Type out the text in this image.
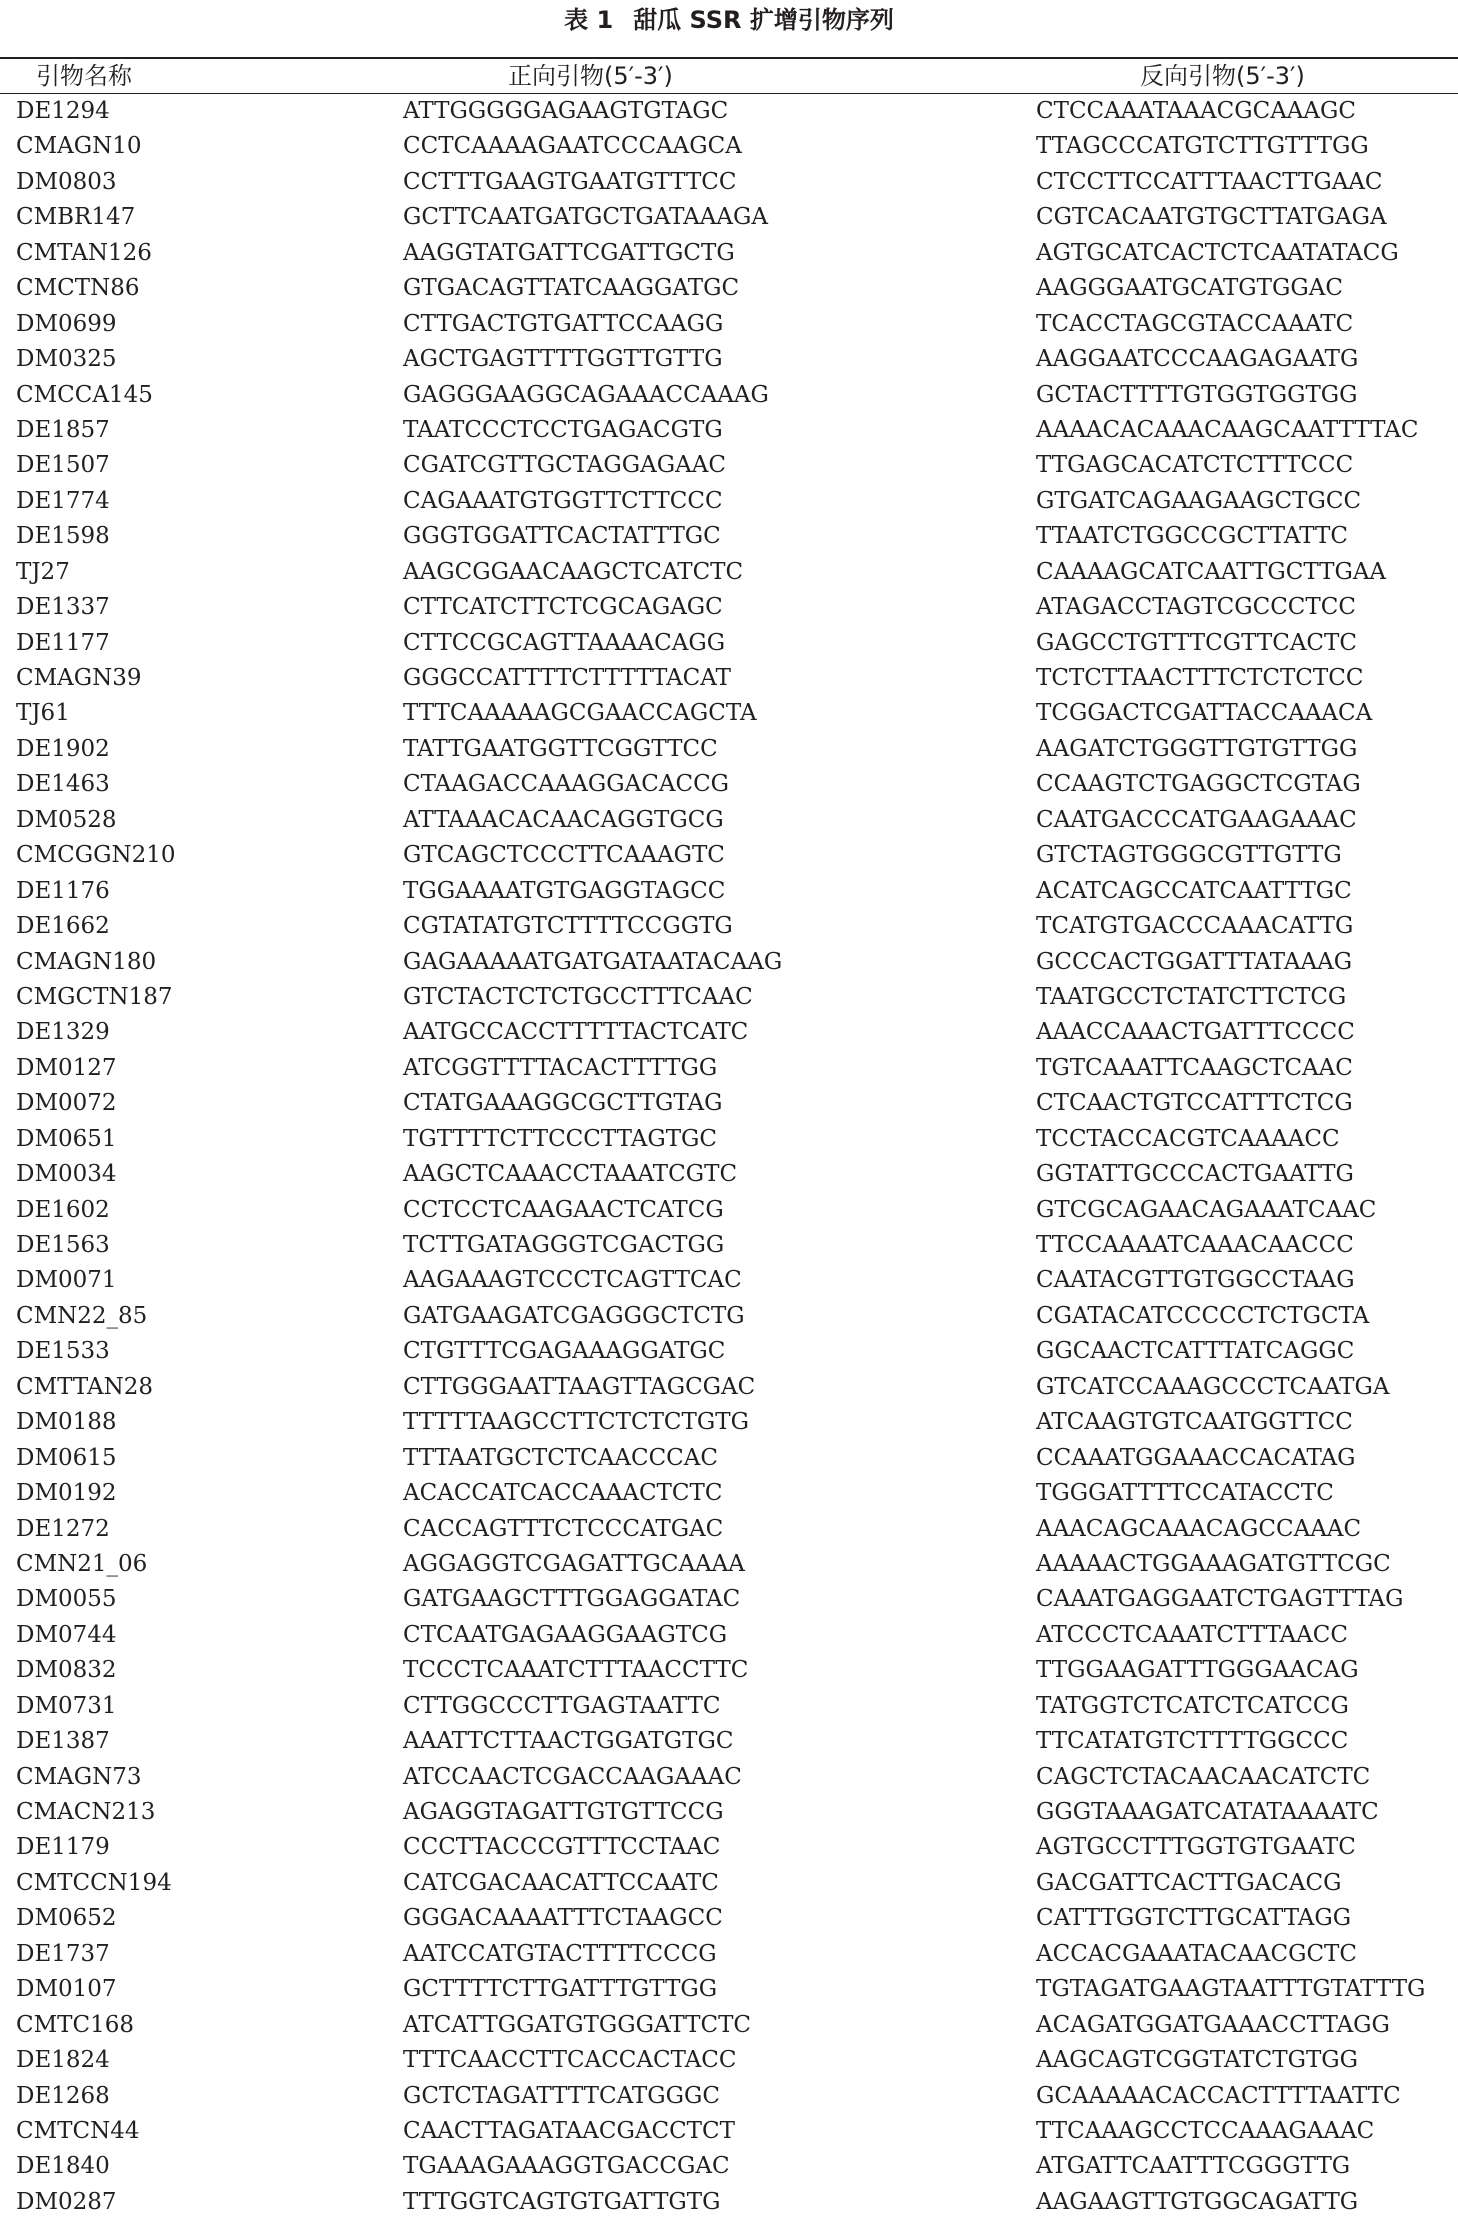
表 1 甜瓜 SSR 扩增引物序列
引物名称	正向引物(5′-3′)	反向引物(5′-3′)
DE1294	ATTGGGGGAGAAGTGTAGC	CTCCAAATAAACGCAAAGC
CMAGN10	CCTCAAAAGAATCCCAAGCA	TTAGCCCATGTCTTGTTTGG
DM0803	CCTTTGAAGTGAATGTTTCC	CTCCTTCCATTTAACTTGAAC
CMBR147	GCTTCAATGATGCTGATAAAGA	CGTCACAATGTGCTTATGAGA
CMTAN126	AAGGTATGATTCGATTGCTG	AGTGCATCACTCTCAATATACG
CMCTN86	GTGACAGTTATCAAGGATGC	AAGGGAATGCATGTGGAC
DM0699	CTTGACTGTGATTCCAAGG	TCACCTAGCGTACCAAATC
DM0325	AGCTGAGTTTTGGTTGTTG	AAGGAATCCCAAGAGAATG
CMCCA145	GAGGGAAGGCAGAAACCAAAG	GCTACTTTTGTGGTGGTGG
DE1857	TAATCCCTCCTGAGACGTG	AAAACACAAACAAGCAATTTTAC
DE1507	CGATCGTTGCTAGGAGAAC	TTGAGCACATCTCTTTCCC
DE1774	CAGAAATGTGGTTCTTCCC	GTGATCAGAAGAAGCTGCC
DE1598	GGGTGGATTCACTATTTGC	TTAATCTGGCCGCTTATTC
TJ27	AAGCGGAACAAGCTCATCTC	CAAAAGCATCAATTGCTTGAA
DE1337	CTTCATCTTCTCGCAGAGC	ATAGACCTAGTCGCCCTCC
DE1177	CTTCCGCAGTTAAAACAGG	GAGCCTGTTTCGTTCACTC
CMAGN39	GGGCCATTTTCTTTTTACAT	TCTCTTAACTTTCTCTCTCC
TJ61	TTTCAAAAAGCGAACCAGCTA	TCGGACTCGATTACCAAACA
DE1902	TATTGAATGGTTCGGTTCC	AAGATCTGGGTTGTGTTGG
DE1463	CTAAGACCAAAGGACACCG	CCAAGTCTGAGGCTCGTAG
DM0528	ATTAAACACAACAGGTGCG	CAATGACCCATGAAGAAAC
CMCGGN210	GTCAGCTCCCTTCAAAGTC	GTCTAGTGGGCGTTGTTG
DE1176	TGGAAAATGTGAGGTAGCC	ACATCAGCCATCAATTTGC
DE1662	CGTATATGTCTTTTCCGGTG	TCATGTGACCCAAACATTG
CMAGN180	GAGAAAAATGATGATAATACAAG	GCCCACTGGATTTATAAAG
CMGCTN187	GTCTACTCTCTGCCTTTCAAC	TAATGCCTCTATCTTCTCG
DE1329	AATGCCACCTTTTTACTCATC	AAACCAAACTGATTTCCCC
DM0127	ATCGGTTTTACACTTTTGG	TGTCAAATTCAAGCTCAAC
DM0072	CTATGAAAGGCGCTTGTAG	CTCAACTGTCCATTTCTCG
DM0651	TGTTTTCTTCCCTTAGTGC	TCCTACCACGTCAAAACC
DM0034	AAGCTCAAACCTAAATCGTC	GGTATTGCCCACTGAATTG
DE1602	CCTCCTCAAGAACTCATCG	GTCGCAGAACAGAAATCAAC
DE1563	TCTTGATAGGGTCGACTGG	TTCCAAAATCAAACAACCC
DM0071	AAGAAAGTCCCTCAGTTCAC	CAATACGTTGTGGCCTAAG
CMN22_85	GATGAAGATCGAGGGCTCTG	CGATACATCCCCCTCTGCTA
DE1533	CTGTTTCGAGAAAGGATGC	GGCAACTCATTTATCAGGC
CMTTAN28	CTTGGGAATTAAGTTAGCGAC	GTCATCCAAAGCCCTCAATGA
DM0188	TTTTTAAGCCTTCTCTCTGTG	ATCAAGTGTCAATGGTTCC
DM0615	TTTAATGCTCTCAACCCAC	CCAAATGGAAACCACATAG
DM0192	ACACCATCACCAAACTCTC	TGGGATTTTCCATACCTC
DE1272	CACCAGTTTCTCCCATGAC	AAACAGCAAACAGCCAAAC
CMN21_06	AGGAGGTCGAGATTGCAAAA	AAAAACTGGAAAGATGTTCGC
DM0055	GATGAAGCTTTGGAGGATAC	CAAATGAGGAATCTGAGTTTAG
DM0744	CTCAATGAGAAGGAAGTCG	ATCCCTCAAATCTTTAACC
DM0832	TCCCTCAAATCTTTAACCTTC	TTGGAAGATTTGGGAACAG
DM0731	CTTGGCCCTTGAGTAATTC	TATGGTCTCATCTCATCCG
DE1387	AAATTCTTAACTGGATGTGC	TTCATATGTCTTTTGGCCC
CMAGN73	ATCCAACTCGACCAAGAAAC	CAGCTCTACAACAACATCTC
CMACN213	AGAGGTAGATTGTGTTCCG	GGGTAAAGATCATATAAAATC
DE1179	CCCTTACCCGTTTCCTAAC	AGTGCCTTTGGTGTGAATC
CMTCCN194	CATCGACAACATTCCAATC	GACGATTCACTTGACACG
DM0652	GGGACAAAATTTCTAAGCC	CATTTGGTCTTGCATTAGG
DE1737	AATCCATGTACTTTTCCCG	ACCACGAAATACAACGCTC
DM0107	GCTTTTCTTGATTTGTTGG	TGTAGATGAAGTAATTTGTATTTG
CMTC168	ATCATTGGATGTGGGATTCTC	ACAGATGGATGAAACCTTAGG
DE1824	TTTCAACCTTCACCACTACC	AAGCAGTCGGTATCTGTGG
DE1268	GCTCTAGATTTTCATGGGC	GCAAAAACACCACTTTTAATTC
CMTCN44	CAACTTAGATAACGACCTCT	TTCAAAGCCTCCAAAGAAAC
DE1840	TGAAAGAAAGGTGACCGAC	ATGATTCAATTTCGGGTTG
DM0287	TTTGGTCAGTGTGATTGTG	AAGAAGTTGTGGCAGATTG
